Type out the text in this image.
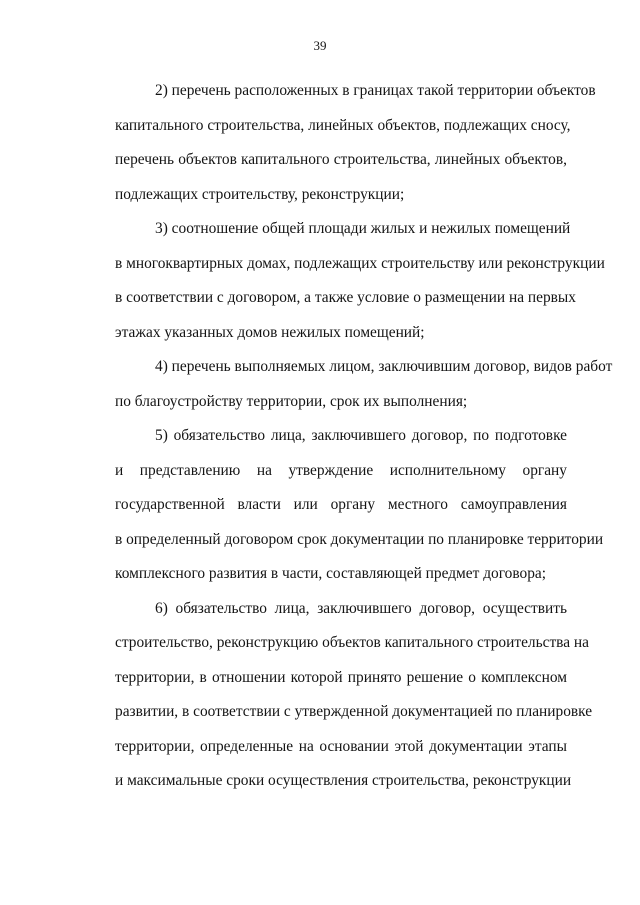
39
2) перечень расположенных в границах такой территории объектов
капитального строительства, линейных объектов, подлежащих сносу,
перечень объектов капитального строительства, линейных объектов,
подлежащих строительству, реконструкции;
3) соотношение общей площади жилых и нежилых помещений
в многоквартирных домах, подлежащих строительству или реконструкции
в соответствии с договором, а также условие о размещении на первых
этажах указанных домов нежилых помещений;
4) перечень выполняемых лицом, заключившим договор, видов работ
по благоустройству территории, срок их выполнения;
5) обязательство лица, заключившего договор, по подготовке
и представлению на утверждение исполнительному органу
государственной власти или органу местного самоуправления
в определенный договором срок документации по планировке территории
комплексного развития в части, составляющей предмет договора;
6) обязательство лица, заключившего договор, осуществить
строительство, реконструкцию объектов капитального строительства на
территории, в отношении которой принято решение о комплексном
развитии, в соответствии с утвержденной документацией по планировке
территории, определенные на основании этой документации этапы
и максимальные сроки осуществления строительства, реконструкции
